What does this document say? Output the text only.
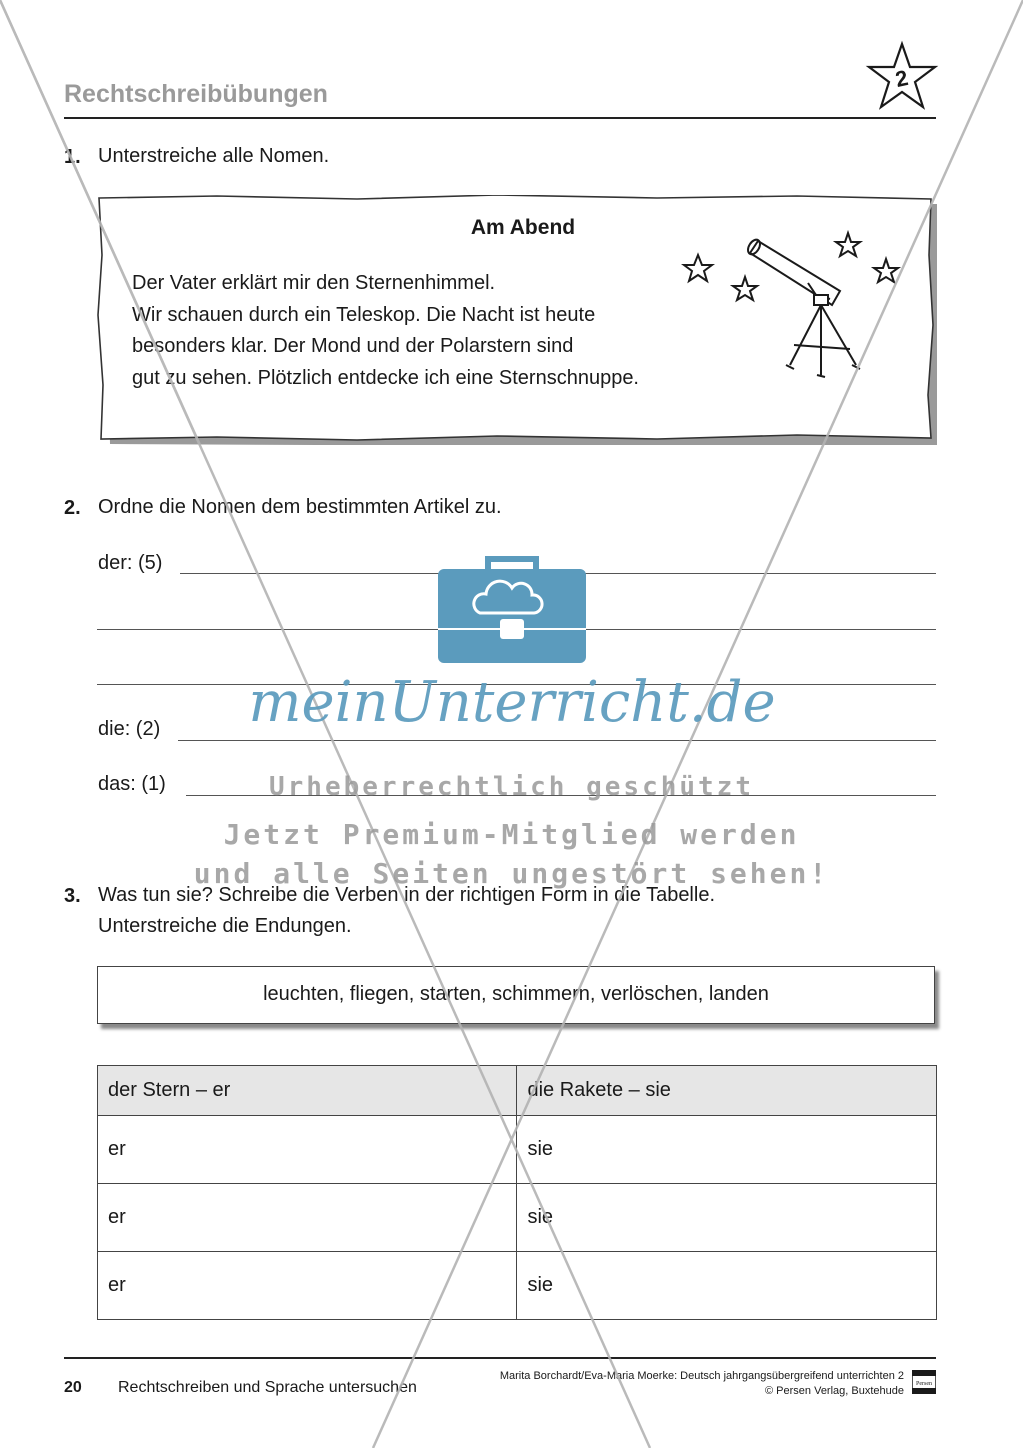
Rechtschreibübungen
2
1. Unterstreiche alle Nomen.
Am Abend
Der Vater erklärt mir den Sternenhimmel.
Wir schauen durch ein Teleskop. Die Nacht ist heute
besonders klar. Der Mond und der Polarstern sind
gut zu sehen. Plötzlich entdecke ich eine Sternschnuppe.
2. Ordne die Nomen dem bestimmten Artikel zu.
der: (5)
die: (2)
das: (1)
3. Was tun sie? Schreibe die Verben in der richtigen Form in die Tabelle.
Unterstreiche die Endungen.
leuchten, fliegen, starten, schimmern, verlöschen, landen
der Stern – er	die Rakete – sie
er	sie
er	sie
er	sie
20 Rechtschreiben und Sprache untersuchen
Marita Borchardt/Eva-Maria Moerke: Deutsch jahrgangsübergreifend unterrichten 2
© Persen Verlag, Buxtehude
Persen
meinUnterricht.de
Urheberrechtlich geschützt
Jetzt Premium-Mitglied werden
und alle Seiten ungestört sehen!
